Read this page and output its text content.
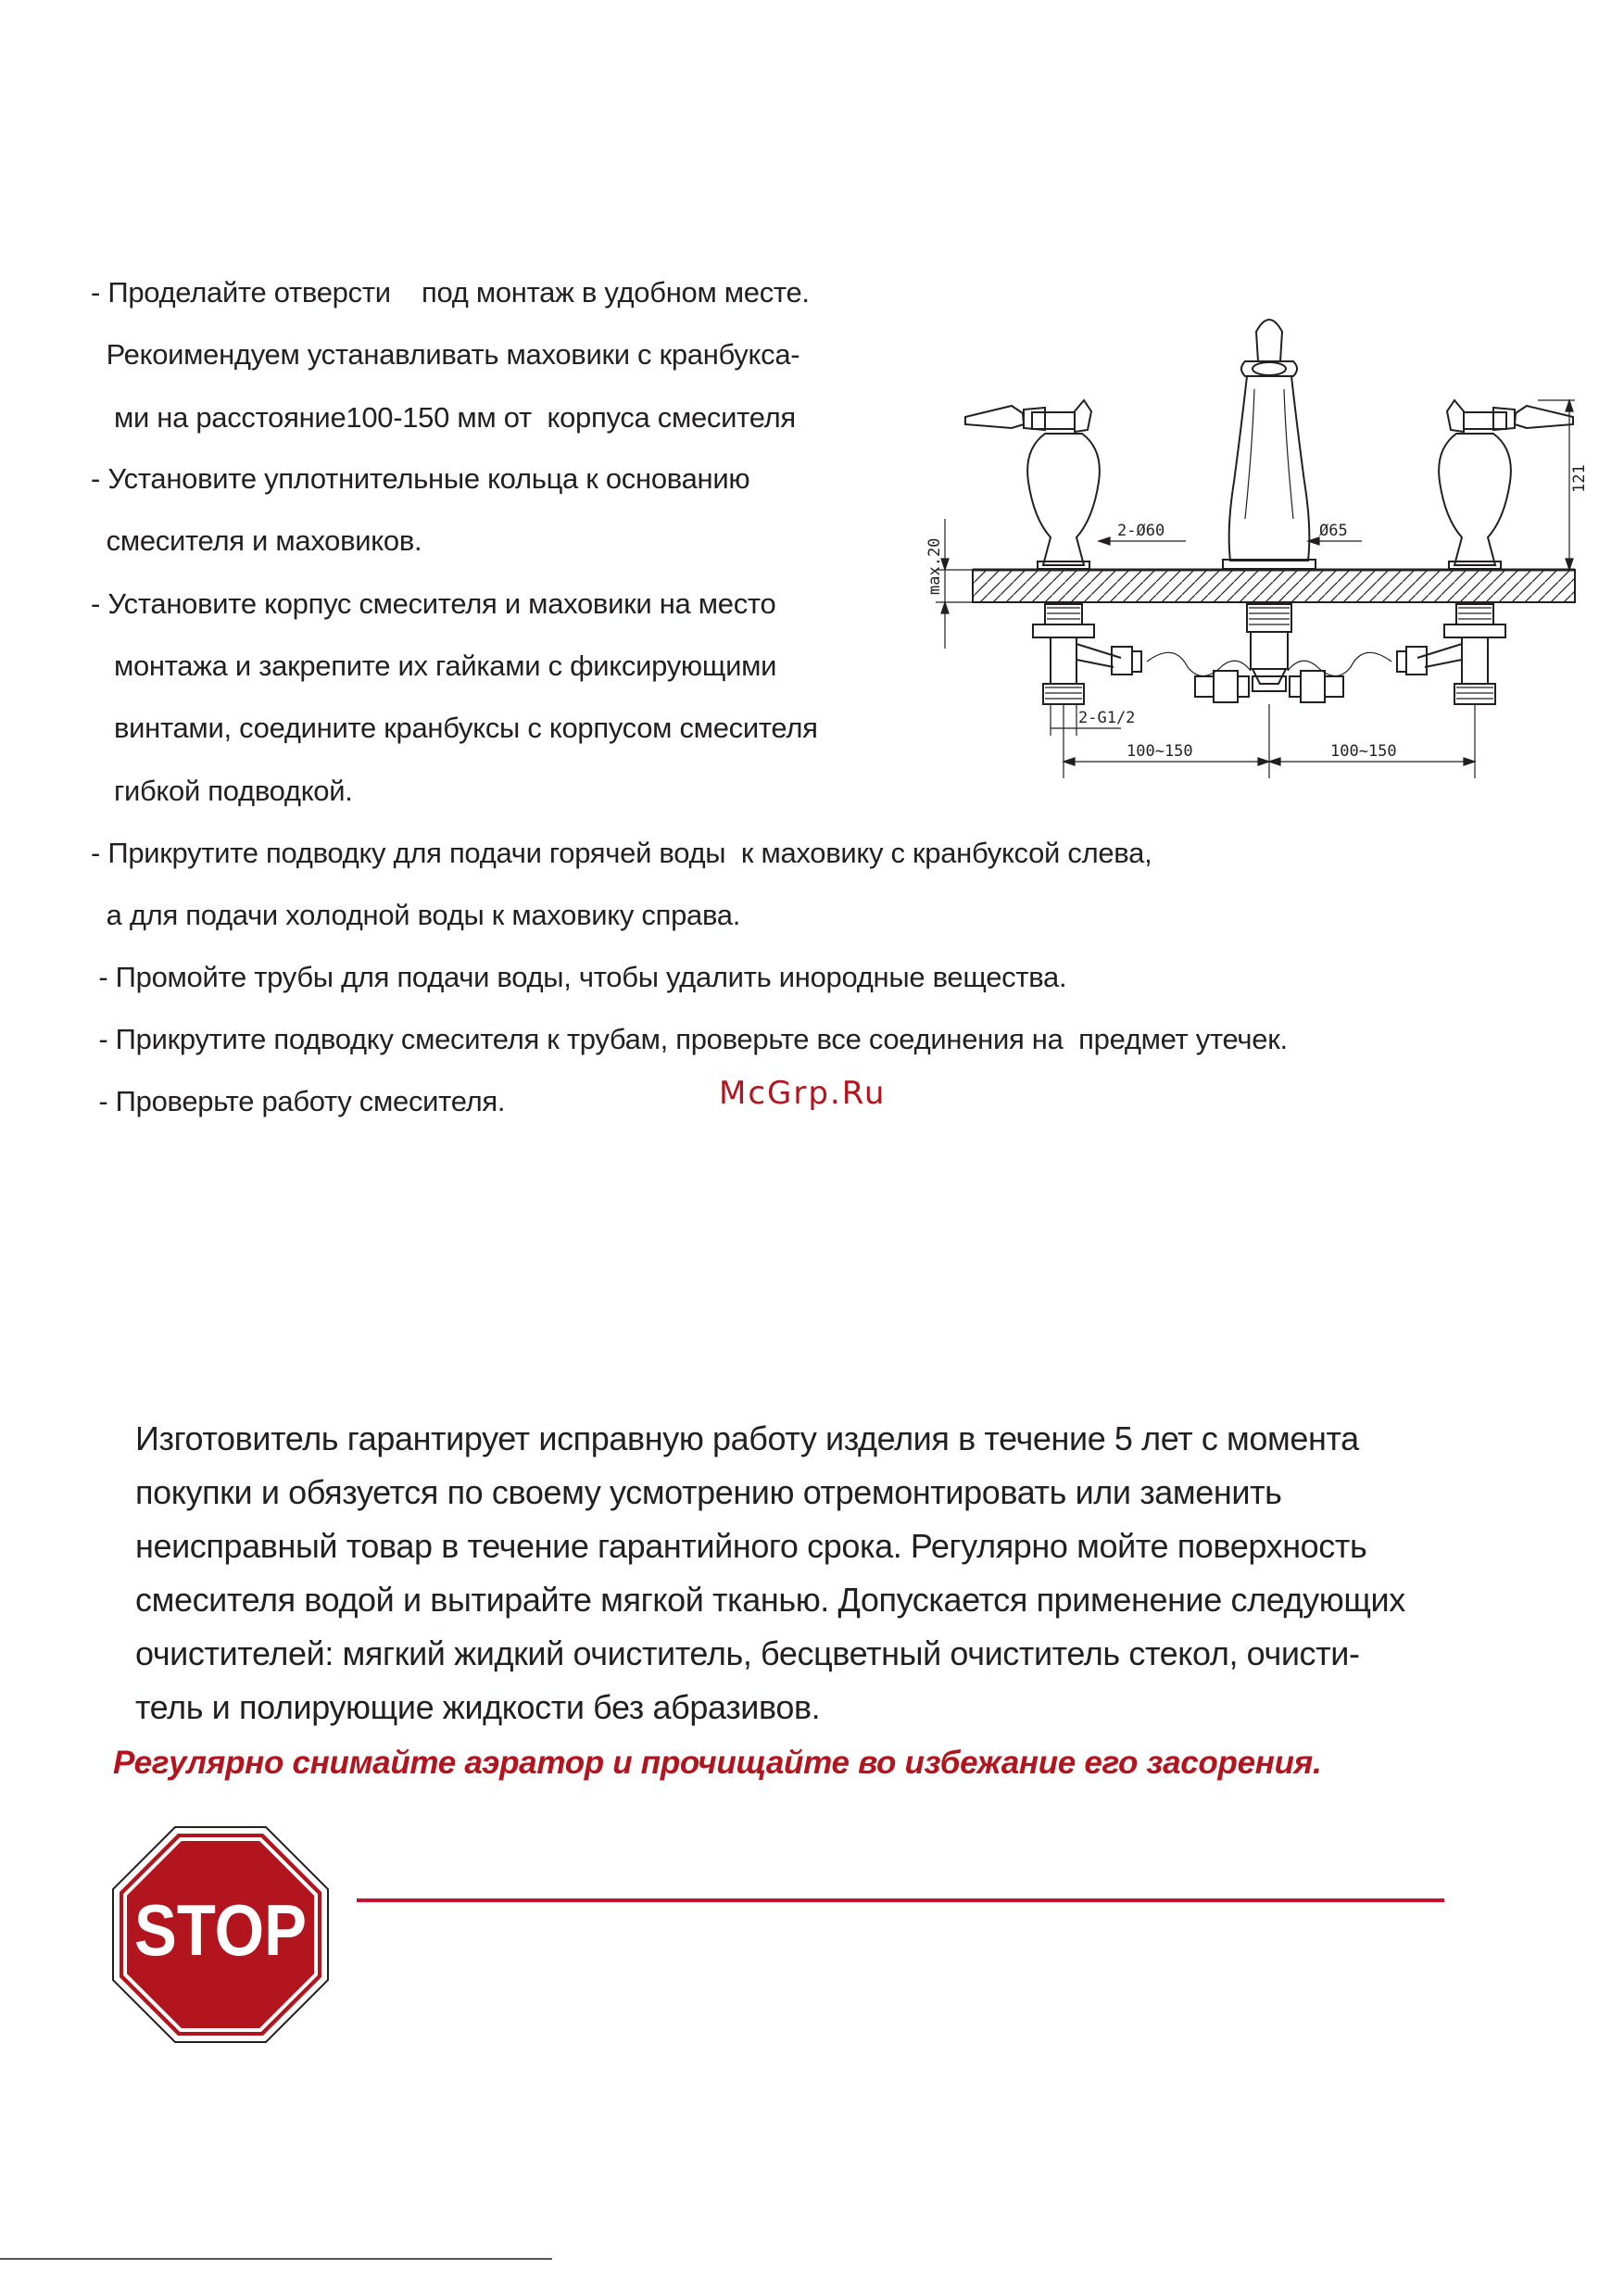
- Проделайте отверсти    под монтаж в удобном месте.
Рекоимендуем устанавливать маховики с кранбукса-
ми на расстояние100-150 мм от  корпуса смесителя
- Установите уплотнительные кольца к основанию
смесителя и маховиков.
- Установите корпус смесителя и маховики на место
монтажа и закрепите их гайками с фиксирующими
винтами, соедините кранбуксы с корпусом смесителя
гибкой подводкой.
- Прикрутите подводку для подачи горячей воды  к маховику с кранбуксой слева,
а для подачи холодной воды к маховику справа.
- Промойте трубы для подачи воды, чтобы удалить инородные вещества.
- Прикрутите подводку смесителя к трубам, проверьте все соединения на  предмет утечек.
- Проверьте работу смесителя.
max.20
121
2-Ø60	Ø65
2-G1/2
100~150	100~150
McGrp.Ru
Изготовитель гарантирует исправную работу изделия в течение 5 лет с момента
покупки и обязуется по своему усмотрению отремонтировать или заменить
неисправный товар в течение гарантийного срока. Регулярно мойте поверхность
смесителя водой и вытирайте мягкой тканью. Допускается применение следующих
очистителей: мягкий жидкий очиститель, бесцветный очиститель стекол, очисти-
тель и полирующие жидкости без абразивов.
Регулярно снимайте аэратор и прочищайте во избежание его засорения.
STOP
